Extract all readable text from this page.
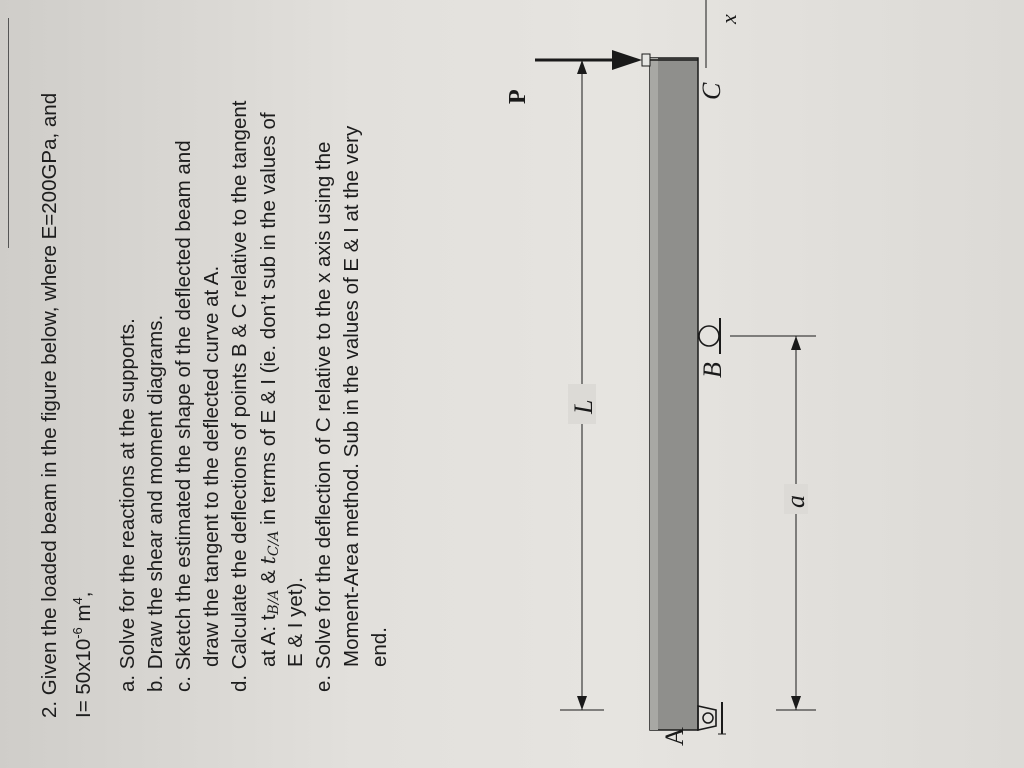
2. Given the loaded beam in the figure below, where E=200GPa, and $I= 50x10^{-6}$ $m^4$,
a. Solve for the reactions at the supports.
b. Draw the shear and moment diagrams.
c. Sketch the estimated the shape of the deflected beam and draw the tangent to the deflected curve at A.
d. Calculate the deflections of points B & C relative to the tangent at A: $t_{B/A}$ & $t_{C/A}$ in terms of E & I (ie. don’t sub in the values of
E & I yet).
e. Solve for the deflection of C relative to the x axis using the Moment-Area method. Sub in the values of E & I at the very end.
A
B
C
x
P
L
a
